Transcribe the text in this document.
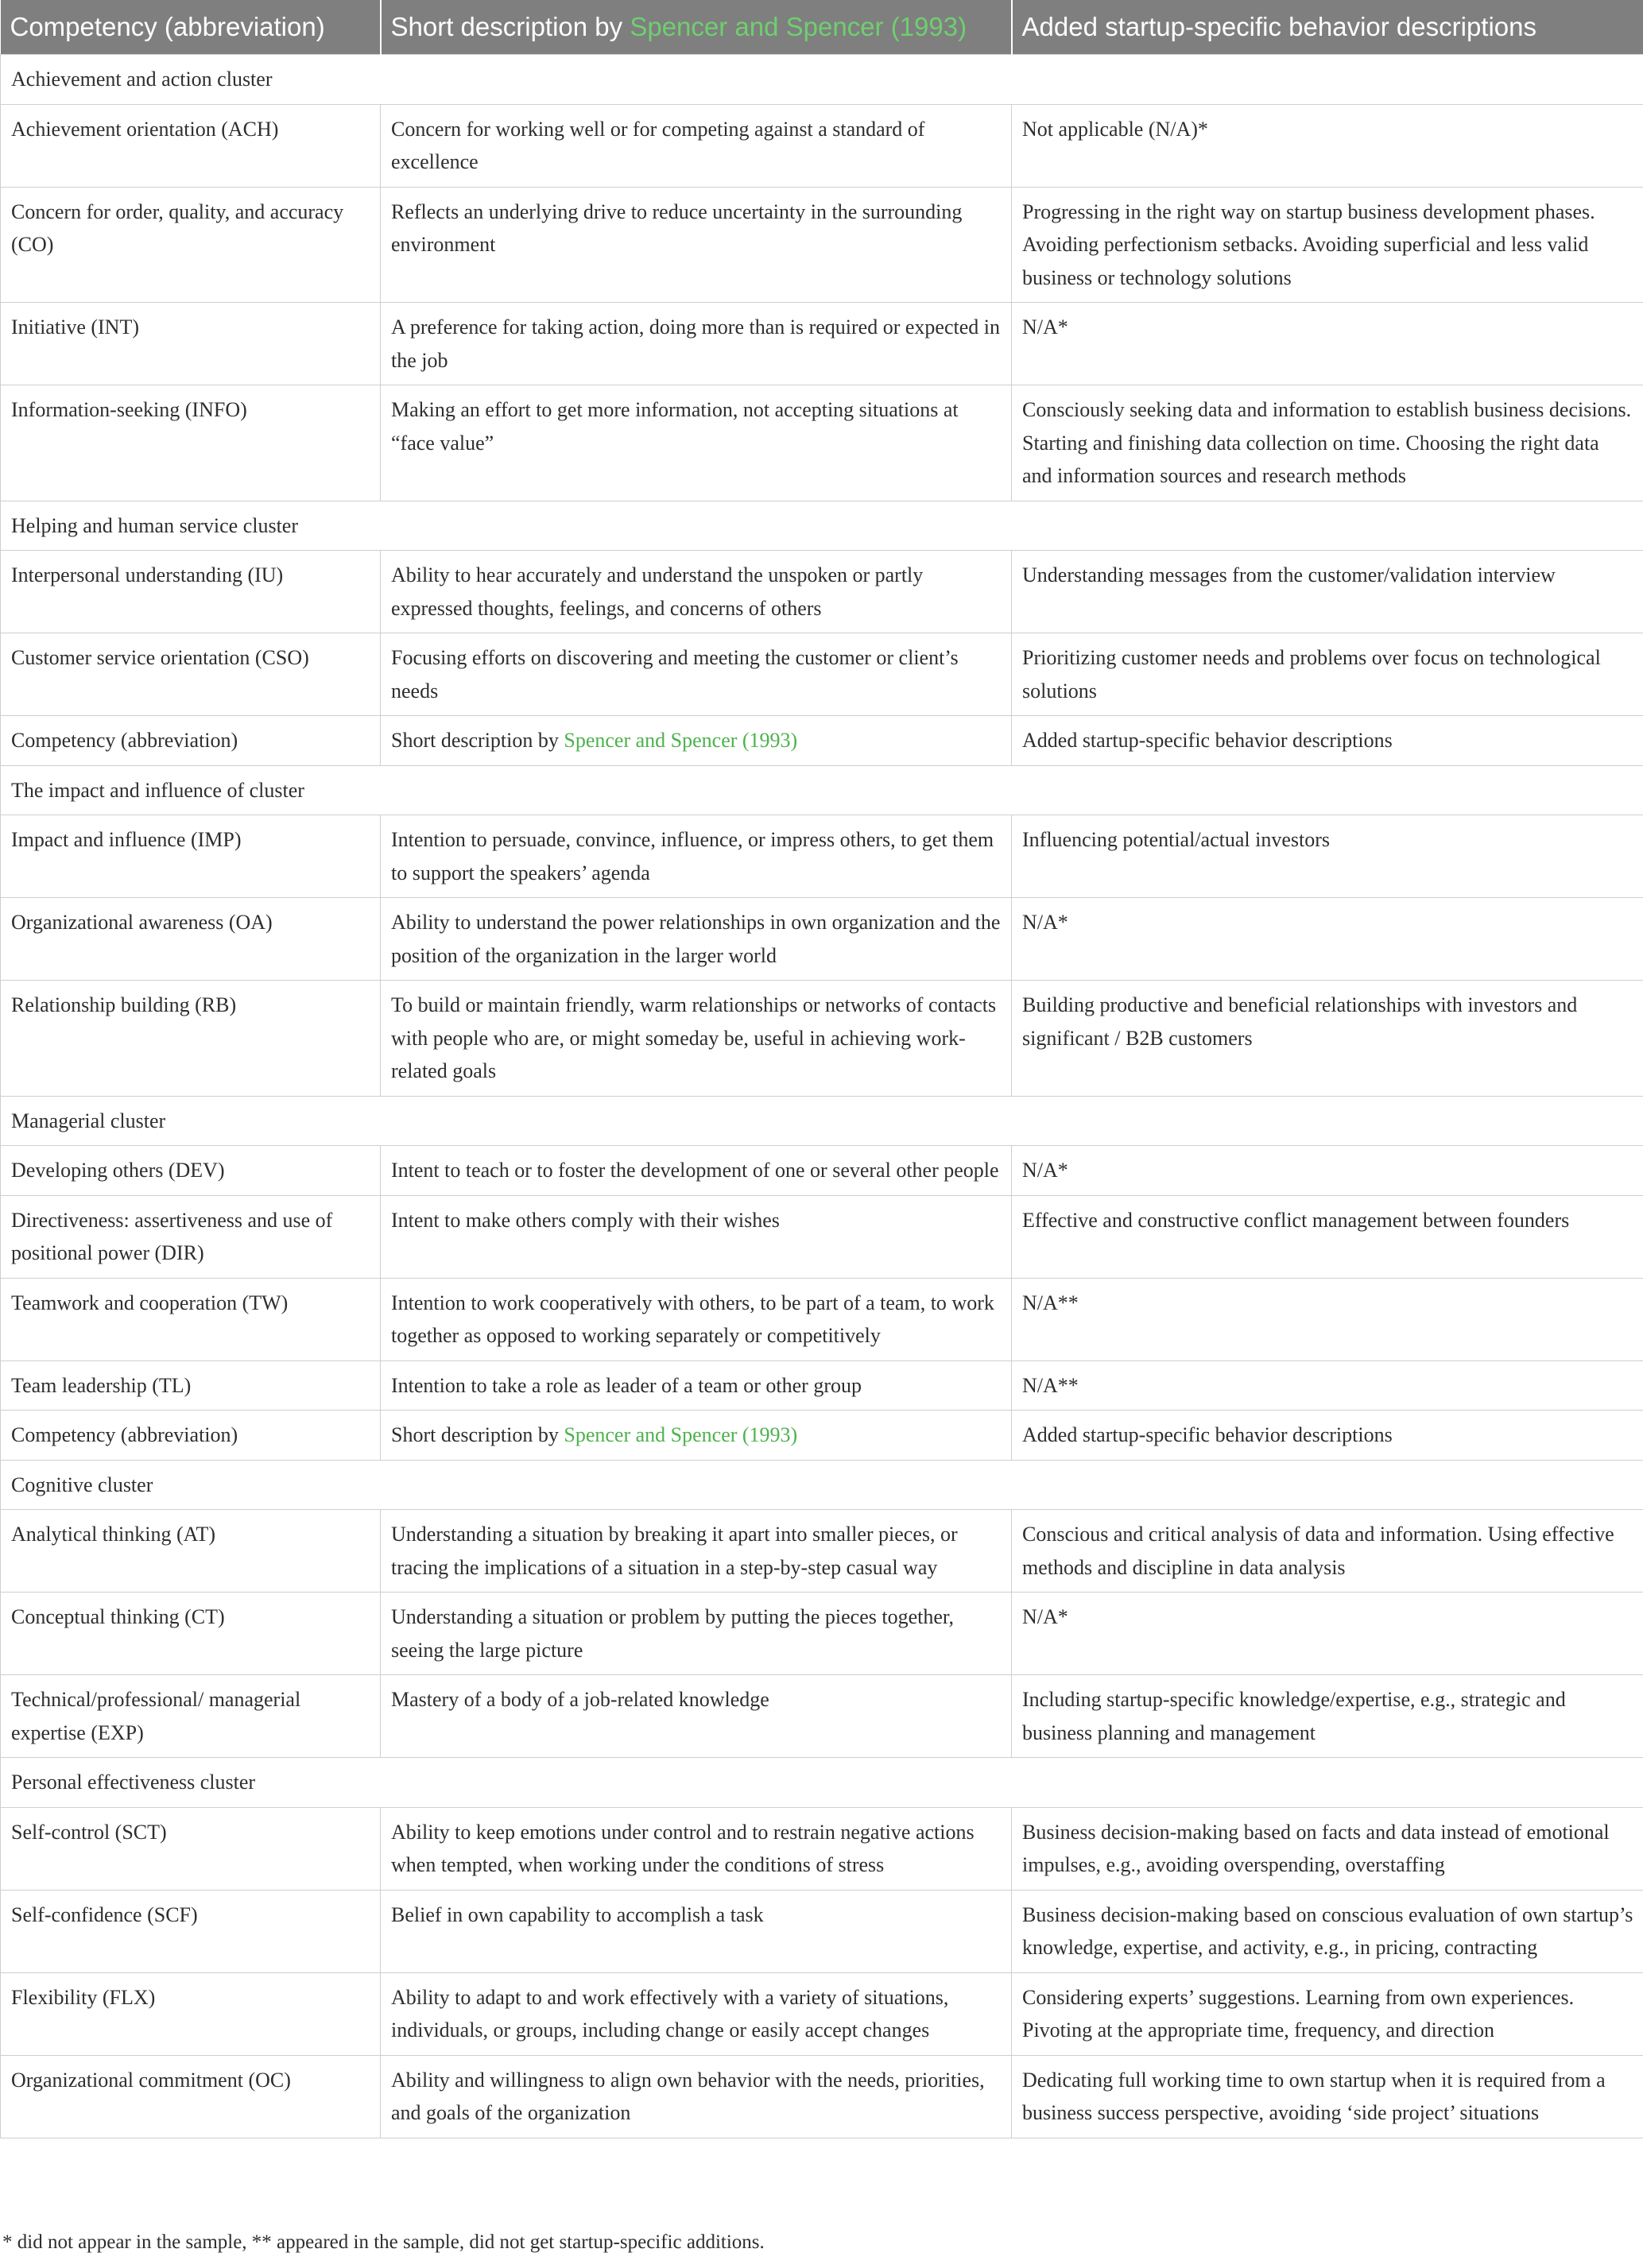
Competency (abbreviation)	Short description by Spencer and Spencer (1993)	Added startup-specific behavior descriptions
Achievement and action cluster		
Achievement orientation (ACH)	Concern for working well or for competing against a standard of excellence	Not applicable (N/A)*
Concern for order, quality, and accuracy (CO)	Reflects an underlying drive to reduce uncertainty in the surrounding environment	Progressing in the right way on startup business development phases. Avoiding perfectionism setbacks. Avoiding superficial and less valid business or technology solutions
Initiative (INT)	A preference for taking action, doing more than is required or expected in the job	N/A*
Information-seeking (INFO)	Making an effort to get more information, not accepting situations at “face value”	Consciously seeking data and information to establish business decisions. Starting and finishing data collection on time. Choosing the right data and information sources and research methods
Helping and human service cluster		
Interpersonal understanding (IU)	Ability to hear accurately and understand the unspoken or partly expressed thoughts, feelings, and concerns of others	Understanding messages from the customer/validation interview
Customer service orientation (CSO)	Focusing efforts on discovering and meeting the customer or client’s needs	Prioritizing customer needs and problems over focus on technological solutions
Competency (abbreviation)	Short description by Spencer and Spencer (1993)	Added startup-specific behavior descriptions
The impact and influence of cluster		
Impact and influence (IMP)	Intention to persuade, convince, influence, or impress others, to get them to support the speakers’ agenda	Influencing potential/actual investors
Organizational awareness (OA)	Ability to understand the power relationships in own organization and the position of the organization in the larger world	N/A*
Relationship building (RB)	To build or maintain friendly, warm relationships or networks of contacts with people who are, or might someday be, useful in achieving work-related goals	Building productive and beneficial relationships with investors and significant / B2B customers
Managerial cluster		
Developing others (DEV)	Intent to teach or to foster the development of one or several other people	N/A*
Directiveness: assertiveness and use of positional power (DIR)	Intent to make others comply with their wishes	Effective and constructive conflict management between founders
Teamwork and cooperation (TW)	Intention to work cooperatively with others, to be part of a team, to work together as opposed to working separately or competitively	N/A**
Team leadership (TL)	Intention to take a role as leader of a team or other group	N/A**
Competency (abbreviation)	Short description by Spencer and Spencer (1993)	Added startup-specific behavior descriptions
Cognitive cluster		
Analytical thinking (AT)	Understanding a situation by breaking it apart into smaller pieces, or tracing the implications of a situation in a step-by-step casual way	Conscious and critical analysis of data and information. Using effective methods and discipline in data analysis
Conceptual thinking (CT)	Understanding a situation or problem by putting the pieces together, seeing the large picture	N/A*
Technical/professional/ managerial expertise (EXP)	Mastery of a body of a job-related knowledge	Including startup-specific knowledge/expertise, e.g., strategic and business planning and management
Personal effectiveness cluster		
Self-control (SCT)	Ability to keep emotions under control and to restrain negative actions when tempted, when working under the conditions of stress	Business decision-making based on facts and data instead of emotional impulses, e.g., avoiding overspending, overstaffing
Self-confidence (SCF)	Belief in own capability to accomplish a task	Business decision-making based on conscious evaluation of own startup’s knowledge, expertise, and activity, e.g., in pricing, contracting
Flexibility (FLX)	Ability to adapt to and work effectively with a variety of situations, individuals, or groups, including change or easily accept changes	Considering experts’ suggestions. Learning from own experiences. Pivoting at the appropriate time, frequency, and direction
Organizational commitment (OC)	Ability and willingness to align own behavior with the needs, priorities, and goals of the organization	Dedicating full working time to own startup when it is required from a business success perspective, avoiding ‘side project’ situations
* did not appear in the sample, ** appeared in the sample, did not get startup-specific additions.
